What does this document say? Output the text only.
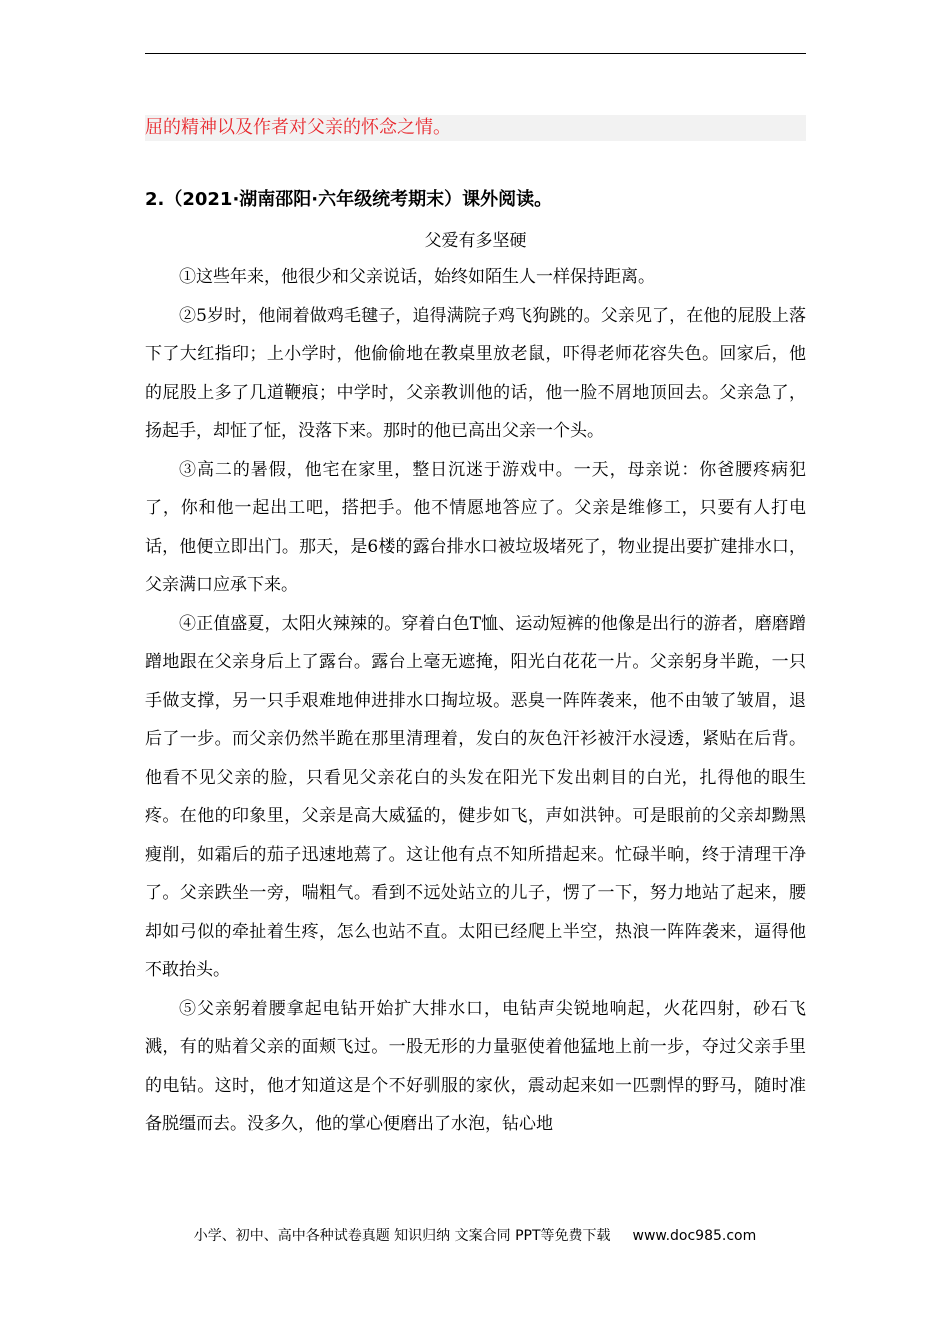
屈的精神以及作者对父亲的怀念之情。
2.（2021·湖南邵阳·六年级统考期末）课外阅读。
父爱有多坚硬

①这些年来，他很少和父亲说话，始终如陌生人一样保持距离。

②5岁时，他闹着做鸡毛毽子，追得满院子鸡飞狗跳的。父亲见了，在他的屁股上落下了大红指印；上小学时，他偷偷地在教桌里放老鼠，吓得老师花容失色。回家后，他的屁股上多了几道鞭痕；中学时，父亲教训他的话，他一脸不屑地顶回去。父亲急了，扬起手，却怔了怔，没落下来。那时的他已高出父亲一个头。

③高二的暑假，他宅在家里，整日沉迷于游戏中。一天，母亲说：你爸腰疼病犯了，你和他一起出工吧，搭把手。他不情愿地答应了。父亲是维修工，只要有人打电话，他便立即出门。那天，是6楼的露台排水口被垃圾堵死了，物业提出要扩建排水口，父亲满口应承下来。

④正值盛夏，太阳火辣辣的。穿着白色T恤、运动短裤的他像是出行的游者，磨磨蹭蹭地跟在父亲身后上了露台。露台上毫无遮掩，阳光白花花一片。父亲躬身半跪，一只手做支撑，另一只手艰难地伸进排水口掏垃圾。恶臭一阵阵袭来，他不由皱了皱眉，退后了一步。而父亲仍然半跪在那里清理着，发白的灰色汗衫被汗水浸透，紧贴在后背。他看不见父亲的脸，只看见父亲花白的头发在阳光下发出刺目的白光，扎得他的眼生疼。在他的印象里，父亲是高大威猛的，健步如飞，声如洪钟。可是眼前的父亲却黝黑瘦削，如霜后的茄子迅速地蔫了。这让他有点不知所措起来。忙碌半晌，终于清理干净了。父亲跌坐一旁，喘粗气。看到不远处站立的儿子，愣了一下，努力地站了起来，腰却如弓似的牵扯着生疼，怎么也站不直。太阳已经爬上半空，热浪一阵阵袭来，逼得他不敢抬头。

⑤父亲躬着腰拿起电钻开始扩大排水口，电钻声尖锐地响起，火花四射，砂石飞溅，有的贴着父亲的面颊飞过。一股无形的力量驱使着他猛地上前一步，夺过父亲手里的电钻。这时，他才知道这是个不好驯服的家伙，震动起来如一匹剽悍的野马，随时准备脱缰而去。没多久，他的掌心便磨出了水泡，钻心地

小学、初中、高中各种试卷真题 知识归纳 文案合同 PPT等免费下载 www.doc985.com
